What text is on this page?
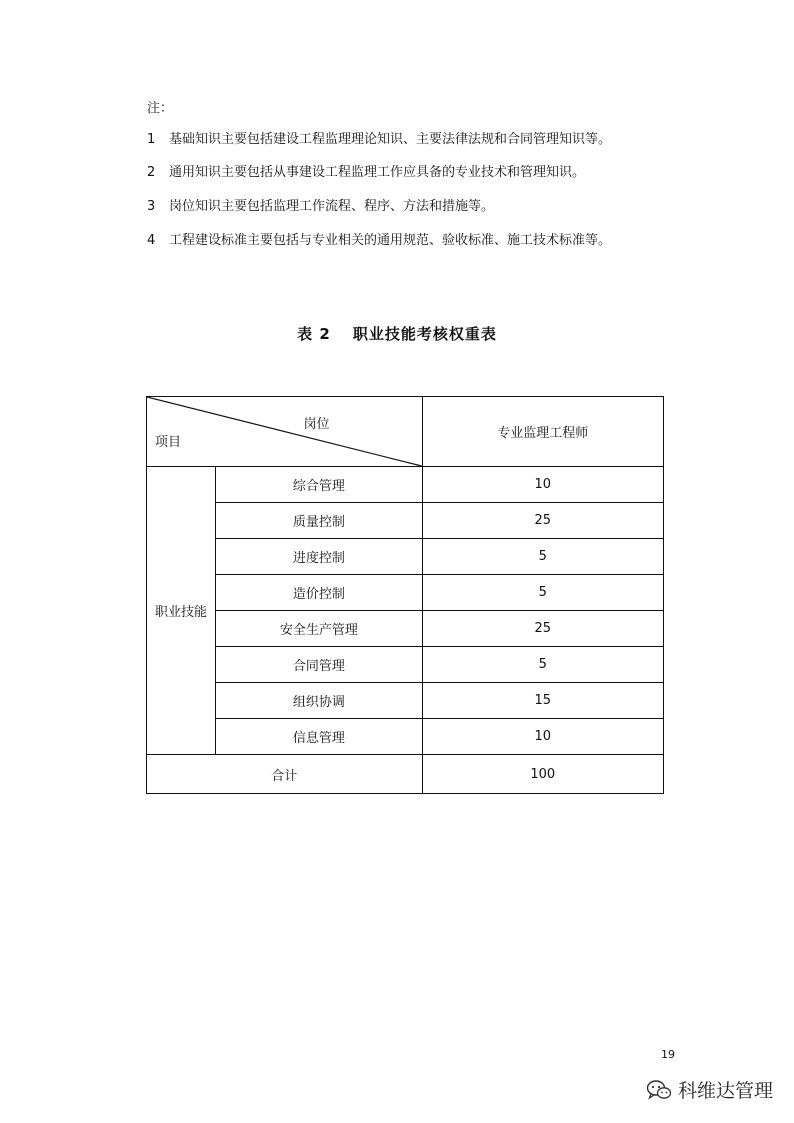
注：
1 基础知识主要包括建设工程监理理论知识、主要法律法规和合同管理知识等。
2 通用知识主要包括从事建设工程监理工作应具备的专业技术和管理知识。
3 岗位知识主要包括监理工作流程、程序、方法和措施等。
4 工程建设标准主要包括与专业相关的通用规范、验收标准、施工技术标准等。
表 2 职业技能考核权重表
岗位
项目		专业监理工程师
职业技能	综合管理	10
	质量控制	25
	进度控制	5
	造价控制	5
	安全生产管理	25
	合同管理	5
	组织协调	15
	信息管理	10
合计		100
19
科维达管理
